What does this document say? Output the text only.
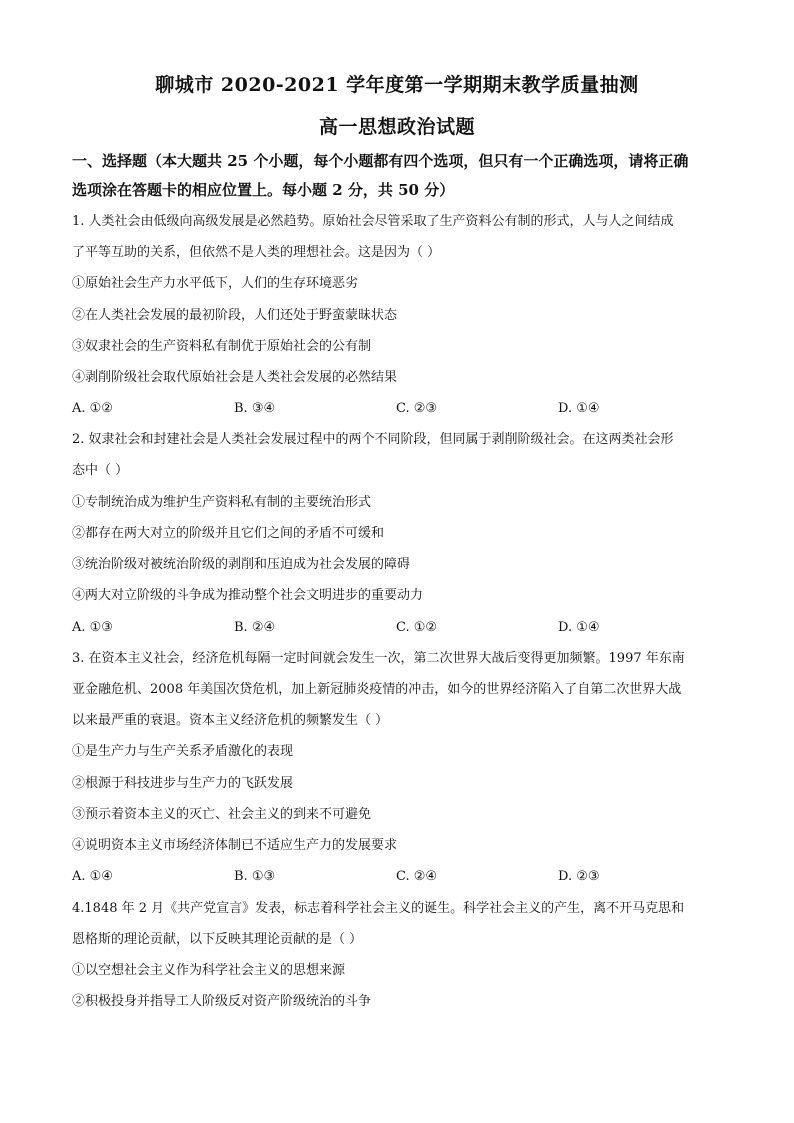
聊城市 2020-2021 学年度第一学期期末教学质量抽测
高一思想政治试题
一、选择题（本大题共 25 个小题，每个小题都有四个选项，但只有一个正确选项，请将正确
选项涂在答题卡的相应位置上。每小题 2 分，共 50 分）
1. 人类社会由低级向高级发展是必然趋势。原始社会尽管采取了生产资料公有制的形式，人与人之间结成
了平等互助的关系，但依然不是人类的理想社会。这是因为（ ）
①原始社会生产力水平低下，人们的生存环境恶劣
②在人类社会发展的最初阶段，人们还处于野蛮蒙昧状态
③奴隶社会的生产资料私有制优于原始社会的公有制
④剥削阶级社会取代原始社会是人类社会发展的必然结果
A. ①②	B. ③④	C. ②③	D. ①④
2. 奴隶社会和封建社会是人类社会发展过程中的两个不同阶段，但同属于剥削阶级社会。在这两类社会形
态中（ ）
①专制统治成为维护生产资料私有制的主要统治形式
②都存在两大对立的阶级并且它们之间的矛盾不可缓和
③统治阶级对被统治阶级的剥削和压迫成为社会发展的障碍
④两大对立阶级的斗争成为推动整个社会文明进步的重要动力
A. ①③	B. ②④	C. ①②	D. ①④
3. 在资本主义社会，经济危机每隔一定时间就会发生一次，第二次世界大战后变得更加频繁。1997 年东南
亚金融危机、2008 年美国次贷危机，加上新冠肺炎疫情的冲击，如今的世界经济陷入了自第二次世界大战
以来最严重的衰退。资本主义经济危机的频繁发生（ ）
①是生产力与生产关系矛盾激化的表现
②根源于科技进步与生产力的飞跃发展
③预示着资本主义的灭亡、社会主义的到来不可避免
④说明资本主义市场经济体制已不适应生产力的发展要求
A. ①④	B. ①③	C. ②④	D. ②③
4.1848 年 2 月《共产党宣言》发表，标志着科学社会主义的诞生。科学社会主义的产生，离不开马克思和
恩格斯的理论贡献，以下反映其理论贡献的是（ ）
①以空想社会主义作为科学社会主义的思想来源
②积极投身并指导工人阶级反对资产阶级统治的斗争
